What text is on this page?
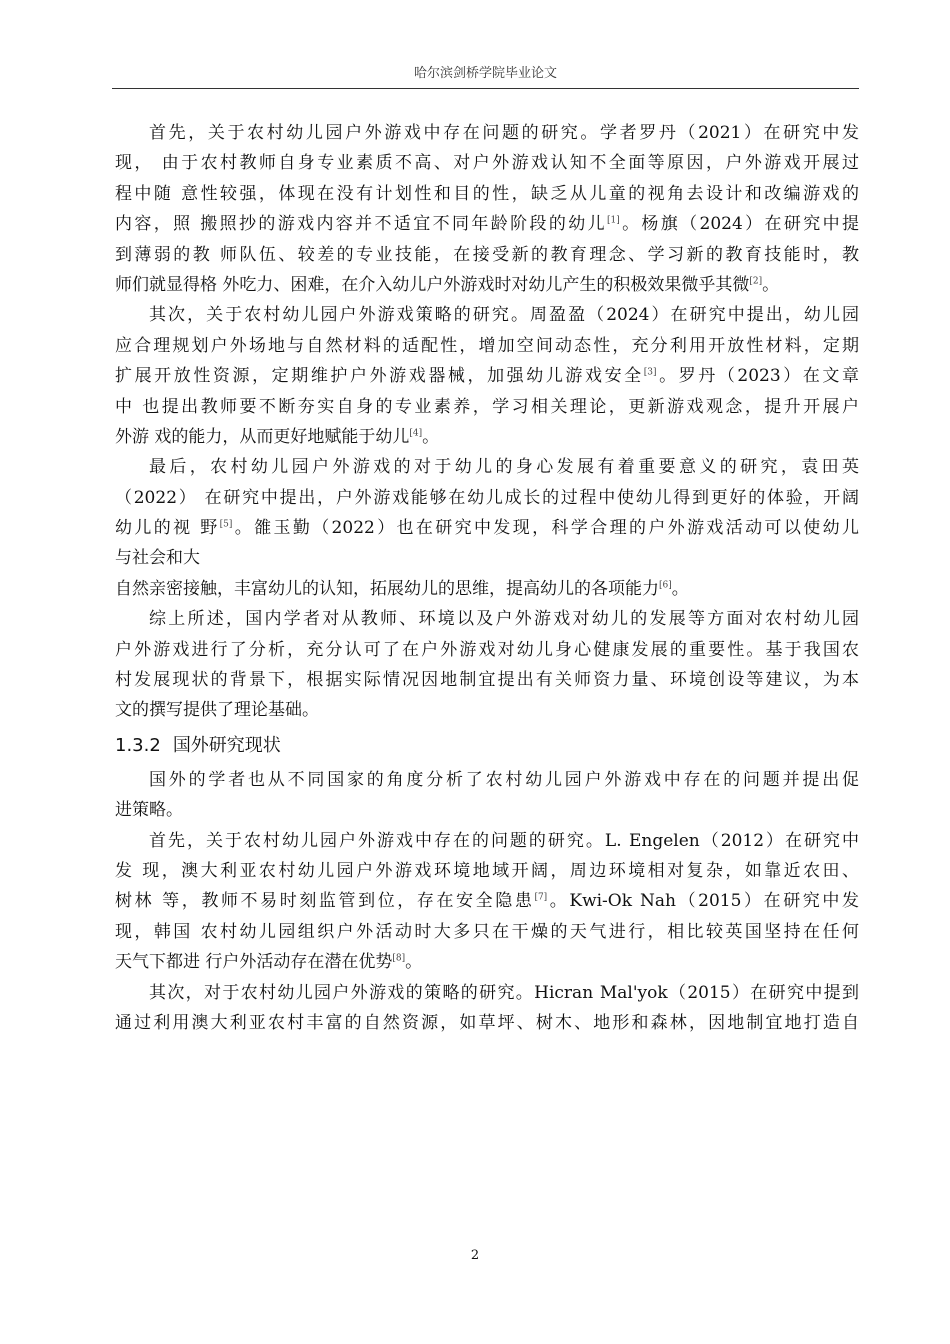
哈尔滨剑桥学院毕业论文
首先，关于农村幼儿园户外游戏中存在问题的研究。学者罗丹（2021）在研究中发
现， 由于农村教师自身专业素质不高、对户外游戏认知不全面等原因，户外游戏开展过
程中随 意性较强，体现在没有计划性和目的性，缺乏从儿童的视角去设计和改编游戏的
内容，照 搬照抄的游戏内容并不适宜不同年龄阶段的幼儿[1]。杨旗（2024）在研究中提
到薄弱的教 师队伍、较差的专业技能，在接受新的教育理念、学习新的教育技能时，教
师们就显得格 外吃力、困难，在介入幼儿户外游戏时对幼儿产生的积极效果微乎其微[2]。
其次，关于农村幼儿园户外游戏策略的研究。周盈盈（2024）在研究中提出，幼儿园
应合理规划户外场地与自然材料的适配性，增加空间动态性，充分利用开放性材料，定期
扩展开放性资源，定期维护户外游戏器械，加强幼儿游戏安全[3]。罗丹（2023）在文章
中 也提出教师要不断夯实自身的专业素养，学习相关理论，更新游戏观念，提升开展户
外游 戏的能力，从而更好地赋能于幼儿[4]。
最后，农村幼儿园户外游戏的对于幼儿的身心发展有着重要意义的研究，袁田英
（2022） 在研究中提出，户外游戏能够在幼儿成长的过程中使幼儿得到更好的体验，开阔
幼儿的视 野[5]。雒玉勤（2022）也在研究中发现，科学合理的户外游戏活动可以使幼儿
与社会和大
自然亲密接触，丰富幼儿的认知，拓展幼儿的思维，提高幼儿的各项能力[6]。
综上所述，国内学者对从教师、环境以及户外游戏对幼儿的发展等方面对农村幼儿园
户外游戏进行了分析，充分认可了在户外游戏对幼儿身心健康发展的重要性。基于我国农
村发展现状的背景下，根据实际情况因地制宜提出有关师资力量、环境创设等建议，为本
文的撰写提供了理论基础。
1.3.2 国外研究现状
国外的学者也从不同国家的角度分析了农村幼儿园户外游戏中存在的问题并提出促
进策略。
首先，关于农村幼儿园户外游戏中存在的问题的研究。L. Engelen（2012）在研究中
发 现，澳大利亚农村幼儿园户外游戏环境地域开阔，周边环境相对复杂，如靠近农田、
树林 等，教师不易时刻监管到位，存在安全隐患[7]。Kwi-Ok Nah（2015）在研究中发
现，韩国 农村幼儿园组织户外活动时大多只在干燥的天气进行，相比较英国坚持在任何
天气下都进 行户外活动存在潜在优势[8]。
其次，对于农村幼儿园户外游戏的策略的研究。Hicran Mal'yok（2015）在研究中提到
通过利用澳大利亚农村丰富的自然资源，如草坪、树木、地形和森林，因地制宜地打造自
2
